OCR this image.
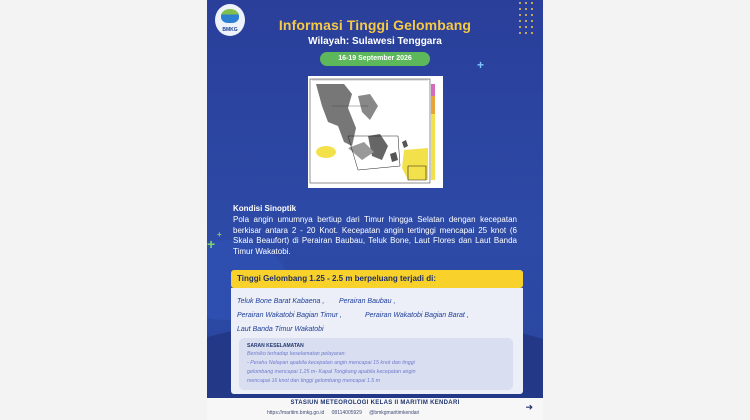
BMKG	Informasi Tinggi Gelombang
Wilayah: Sulawesi Tenggara
16-19 September 2026	+
+
+
Kondisi Sinoptik
Pola angin umumnya bertiup dari Timur hingga Selatan dengan kecepatan berkisar antara 2 - 20 Knot. Kecepatan angin tertinggi mencapai 25 knot (6 Skala Beaufort) di Perairan Baubau, Teluk Bone, Laut Flores dan Laut Banda Timur Wakatobi.
Tinggi Gelombang 1.25 - 2.5 m berpeluang terjadi di:
Teluk Bone Barat Kabaena , Perairan Baubau ,
Perairan Wakatobi Bagian Timur ,	Perairan Wakatobi Bagian Barat ,
Laut Banda Timur Wakatobi
SARAN KESELAMATAN
Berisiko terhadap keselamatan pelayaran:
- Perahu Nelayan apabila kecepatan angin mencapai 15 knot dan tinggi
gelombang mencapai 1.25 m- Kapal Tongkang apabila kecepatan angin
mencapai 16 knot dan tinggi gelombang mencapai 1.5 m
STASIUN METEOROLOGI KELAS II MARITIM KENDARI
https://maritim.bmkg.go.id 08114005929 @bmkgmaritimkendari
➜
